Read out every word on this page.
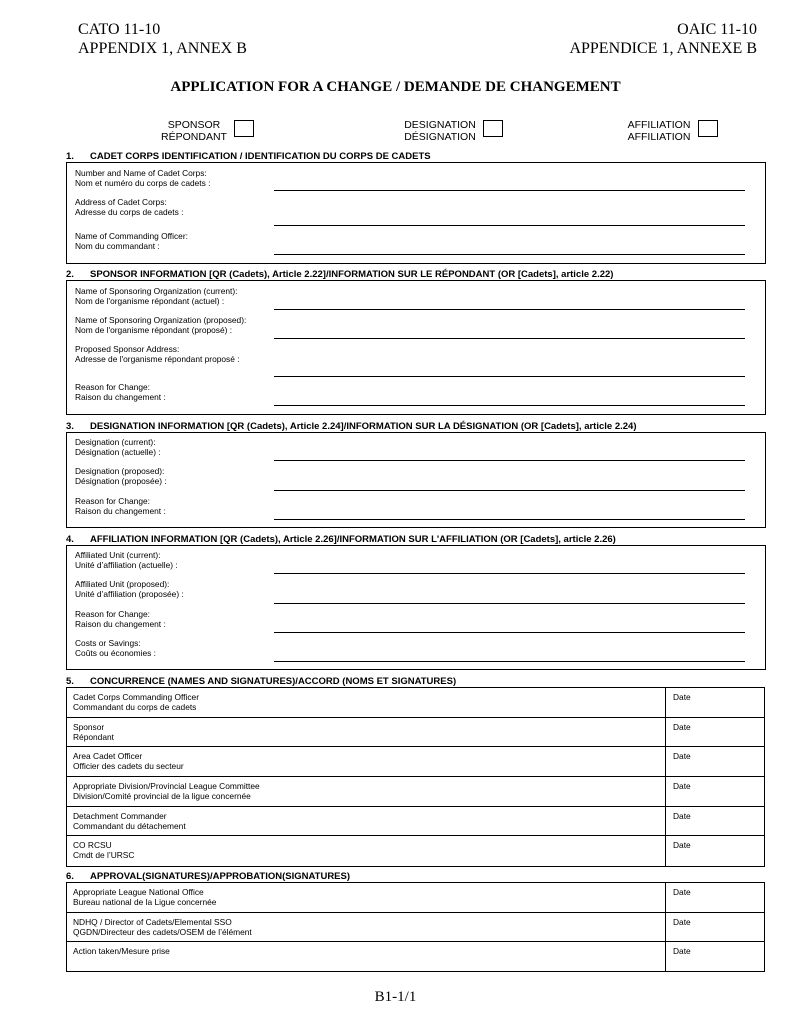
CATO 11-10
APPENDIX 1, ANNEX B
OAIC 11-10
APPENDICE 1, ANNEXE B
APPLICATION FOR A CHANGE / DEMANDE DE CHANGEMENT
SPONSOR
RÉPONDANT
DESIGNATION
DÉSIGNATION
AFFILIATION
AFFILIATION
1. CADET CORPS IDENTIFICATION / IDENTIFICATION DU CORPS DE CADETS
Number and Name of Cadet Corps:
Nom et numéro du corps de cadets :
Address of Cadet Corps:
Adresse du corps de cadets :
Name of Commanding Officer:
Nom du commandant :
2. SPONSOR INFORMATION [QR (Cadets), Article 2.22]/INFORMATION SUR LE RÉPONDANT (OR [Cadets], article 2.22)
Name of Sponsoring Organization (current):
Nom de l'organisme répondant (actuel) :
Name of Sponsoring Organization (proposed):
Nom de l'organisme répondant (proposé) :
Proposed Sponsor Address:
Adresse de l'organisme répondant proposé :
Reason for Change:
Raison du changement :
3. DESIGNATION INFORMATION [QR (Cadets), Article 2.24]/INFORMATION SUR LA DÉSIGNATION (OR [Cadets], article 2.24)
Designation (current):
Désignation (actuelle) :
Designation (proposed):
Désignation (proposée) :
Reason for Change:
Raison du changement :
4. AFFILIATION INFORMATION [QR (Cadets), Article 2.26]/INFORMATION SUR L'AFFILIATION (OR [Cadets], article 2.26)
Affiliated Unit (current):
Unité d’affiliation (actuelle) :
Affiliated Unit (proposed):
Unité d’affiliation (proposée) :
Reason for Change:
Raison du changement :
Costs or Savings:
Coûts ou économies :
5. CONCURRENCE (NAMES AND SIGNATURES)/ACCORD (NOMS ET SIGNATURES)
Cadet Corps Commanding Officer
Commandant du corps de cadets
Date
Sponsor
Répondant
Date
Area Cadet Officer
Officier des cadets du secteur
Date
Appropriate Division/Provincial League Committee
Division/Comité provincial de la ligue concernée
Date
Detachment Commander
Commandant du détachement
Date
CO RCSU
Cmdt de l’URSC
Date
6. APPROVAL(SIGNATURES)/APPROBATION(SIGNATURES)
Appropriate League National Office
Bureau national de la Ligue concernée
Date
NDHQ / Director of Cadets/Elemental SSO
QGDN/Directeur des cadets/OSEM de l’élément
Date
Action taken/Mesure prise	Date
B1-1/1
